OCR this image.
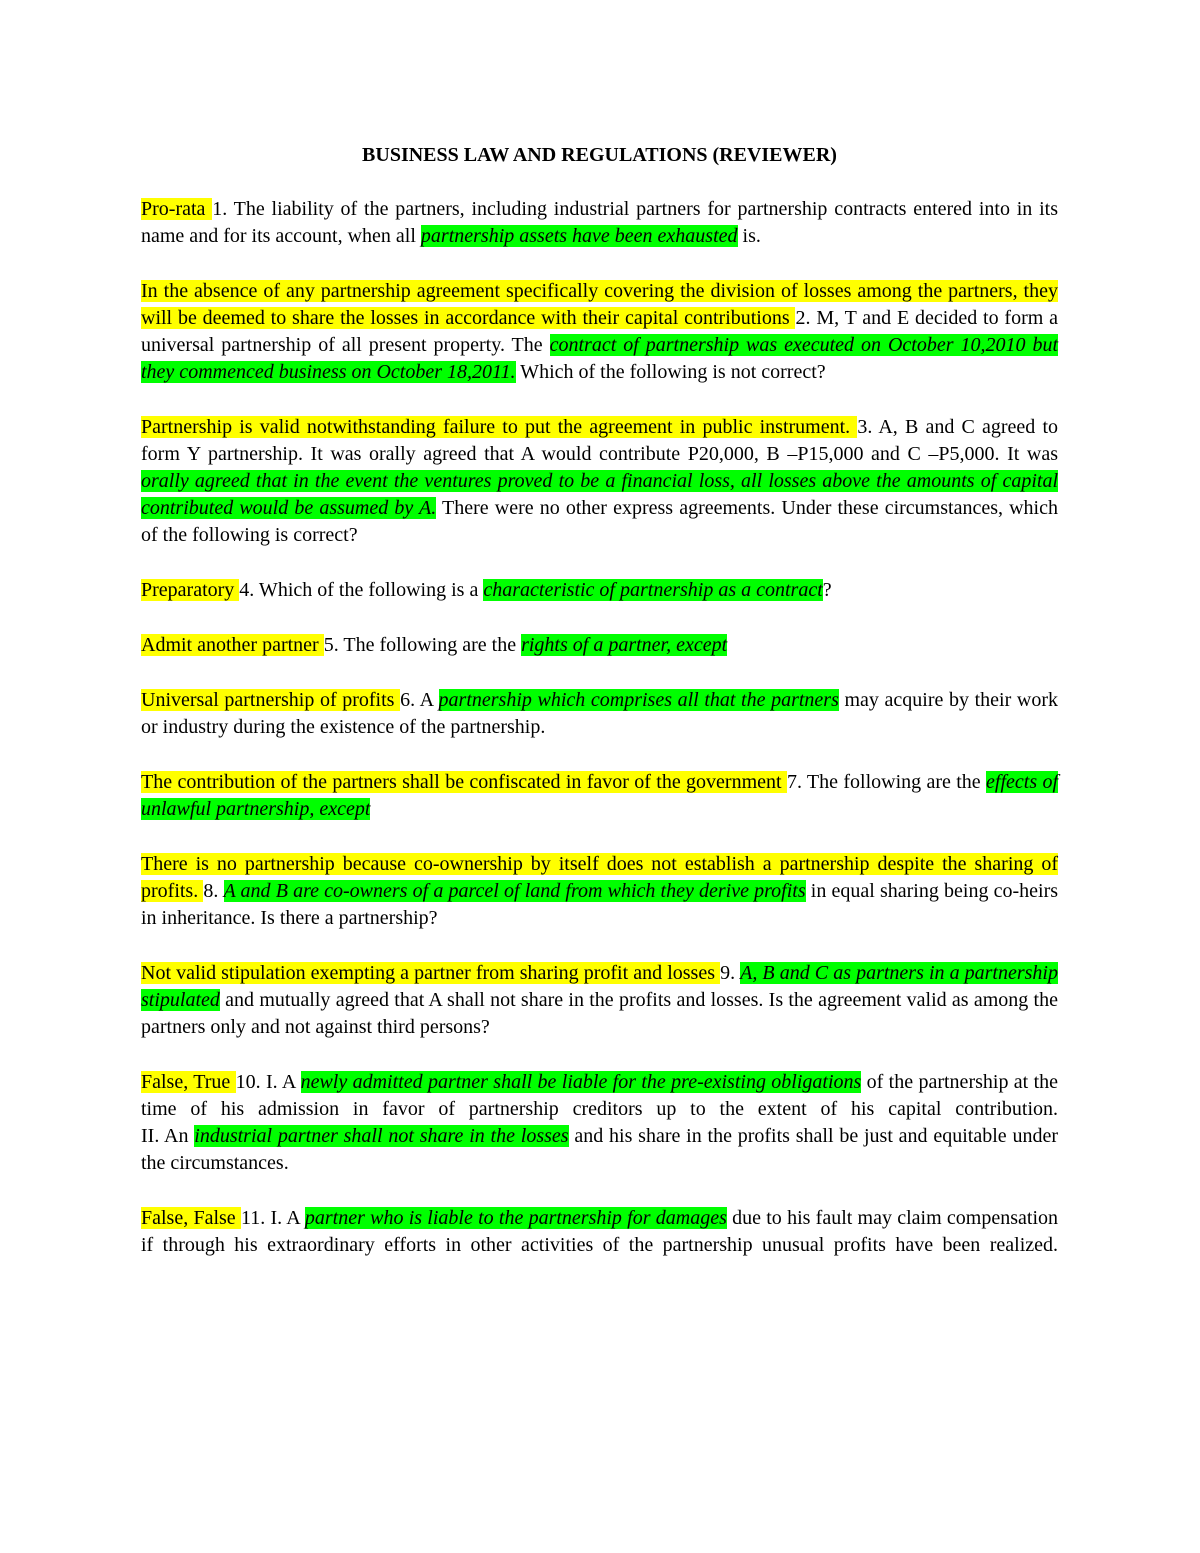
BUSINESS LAW AND REGULATIONS (REVIEWER)
Pro-rata 1. The liability of the partners, including industrial partners for partnership contracts entered into in its name and for its account, when all partnership assets have been exhausted is.
In the absence of any partnership agreement specifically covering the division of losses among the partners, they will be deemed to share the losses in accordance with their capital contributions 2. M, T and E decided to form a universal partnership of all present property. The contract of partnership was executed on October 10,2010 but they commenced business on October 18,2011. Which of the following is not correct?
Partnership is valid notwithstanding failure to put the agreement in public instrument. 3. A, B and C agreed to form Y partnership. It was orally agreed that A would contribute P20,000, B –P15,000 and C –P5,000. It was orally agreed that in the event the ventures proved to be a financial loss, all losses above the amounts of capital contributed would be assumed by A. There were no other express agreements. Under these circumstances, which of the following is correct?
Preparatory 4. Which of the following is a characteristic of partnership as a contract?
Admit another partner 5. The following are the rights of a partner, except
Universal partnership of profits 6. A partnership which comprises all that the partners may acquire by their work or industry during the existence of the partnership.
The contribution of the partners shall be confiscated in favor of the government 7. The following are the effects of unlawful partnership, except
There is no partnership because co-ownership by itself does not establish a partnership despite the sharing of profits. 8. A and B are co-owners of a parcel of land from which they derive profits in equal sharing being co-heirs in inheritance. Is there a partnership?
Not valid stipulation exempting a partner from sharing profit and losses 9. A, B and C as partners in a partnership stipulated and mutually agreed that A shall not share in the profits and losses. Is the agreement valid as among the partners only and not against third persons?
False, True 10. I. A newly admitted partner shall be liable for the pre-existing obligations of the partnership at the time of his admission in favor of partnership creditors up to the extent of his capital contribution.
II. An industrial partner shall not share in the losses and his share in the profits shall be just and equitable under the circumstances.
False, False 11. I. A partner who is liable to the partnership for damages due to his fault may claim compensation if through his extraordinary efforts in other activities of the partnership unusual profits have been realized.
